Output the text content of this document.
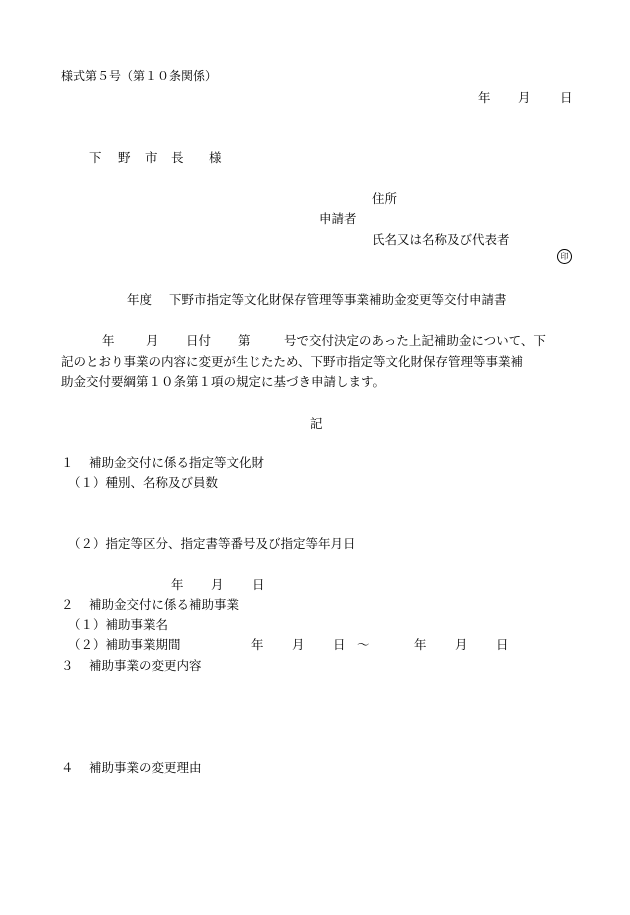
様式第５号（第１０条関係）
年 月 日
下 野 市 長 様
住所
申請者
氏名又は名称及び代表者

印

年度 下野市指定等文化財保存管理等事業補助金変更等交付申請書
年	月 日付 第	号で交付決定のあった上記補助金について、下
記のとおり事業の内容に変更が生じたため、下野市指定等文化財保存管理等事業補
助金交付要綱第１０条第１項の規定に基づき申請します。
記
１ 補助金交付に係る指定等文化財
（１）種別、名称及び員数
（２）指定等区分、指定書等番号及び指定等年月日
年 月 日
２ 補助金交付に係る補助事業
（１）補助事業名
（２）補助事業期間	年 月 日 ～	年 月 日
３ 補助事業の変更内容
４ 補助事業の変更理由
